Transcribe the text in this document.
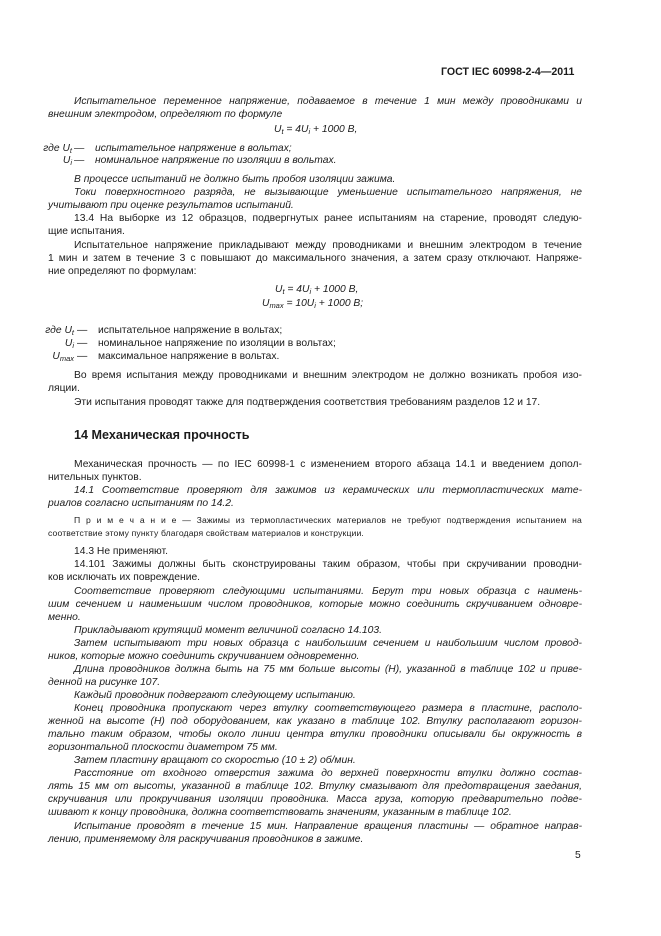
ГОСТ IEC 60998-2-4—2011
Испытательное переменное напряжение, подаваемое в течение 1 мин между проводниками и
внешним электродом, определяют по формуле
$U_t = 4U_i + 1000$ В,
где $U_t$ — испытательное напряжение в вольтах;
$U_i$ — номинальное напряжение по изоляции в вольтах.
В процессе испытаний не должно быть пробоя изоляции зажима.
Токи поверхностного разряда, не вызывающие уменьшение испытательного напряжения, не
учитывают при оценке результатов испытаний.
13.4 На выборке из 12 образцов, подвергнутых ранее испытаниям на старение, проводят следую-
щие испытания.
Испытательное напряжение прикладывают между проводниками и внешним электродом в течение
1 мин и затем в течение 3 с повышают до максимального значения, а затем сразу отключают. Напряже-
ние определяют по формулам:
$U_t = 4U_i + 1000$ В,
$U_{max} = 10U_i + 1000$ В;
где $U_t$ — испытательное напряжение в вольтах;
$U_i$ — номинальное напряжение по изоляции в вольтах;
$U_{max}$ — максимальное напряжение в вольтах.
Во время испытания между проводниками и внешним электродом не должно возникать пробоя изо-
ляции.
Эти испытания проводят также для подтверждения соответствия требованиям разделов 12 и 17.
14 Механическая прочность
Механическая прочность — по IEC 60998-1 с изменением второго абзаца 14.1 и введением допол-
нительных пунктов.
14.1 Соответствие проверяют для зажимов из керамических или термопластических мате-
риалов согласно испытаниям по 14.2.
П р и м е ч а н и е — Зажимы из термопластических материалов не требуют подтверждения испытанием на
соответствие этому пункту благодаря свойствам материалов и конструкции.
14.3 Не применяют.
14.101 Зажимы должны быть сконструированы таким образом, чтобы при скручивании проводни-
ков исключать их повреждение.
Соответствие проверяют следующими испытаниями. Берут три новых образца с наимень-
шим сечением и наименьшим числом проводников, которые можно соединить скручиванием одновре-
менно.
Прикладывают крутящий момент величиной согласно 14.103.
Затем испытывают три новых образца с наибольшим сечением и наибольшим числом провод-
ников, которые можно соединить скручиванием одновременно.
Длина проводников должна быть на 75 мм больше высоты (H), указанной в таблице 102 и приве-
денной на рисунке 107.
Каждый проводник подвергают следующему испытанию.
Конец проводника пропускают через втулку соответствующего размера в пластине, располо-
женной на высоте (H) под оборудованием, как указано в таблице 102. Втулку располагают горизон-
тально таким образом, чтобы около линии центра втулки проводники описывали бы окружность в
горизонтальной плоскости диаметром 75 мм.
Затем пластину вращают со скоростью (10 ± 2) об/мин.
Расстояние от входного отверстия зажима до верхней поверхности втулки должно состав-
лять 15 мм от высоты, указанной в таблице 102. Втулку смазывают для предотвращения заедания,
скручивания или прокручивания изоляции проводника. Масса груза, которую предварительно подве-
шивают к концу проводника, должна соответствовать значениям, указанным в таблице 102.
Испытание проводят в течение 15 мин. Направление вращения пластины — обратное направ-
лению, применяемому для раскручивания проводников в зажиме.
5
